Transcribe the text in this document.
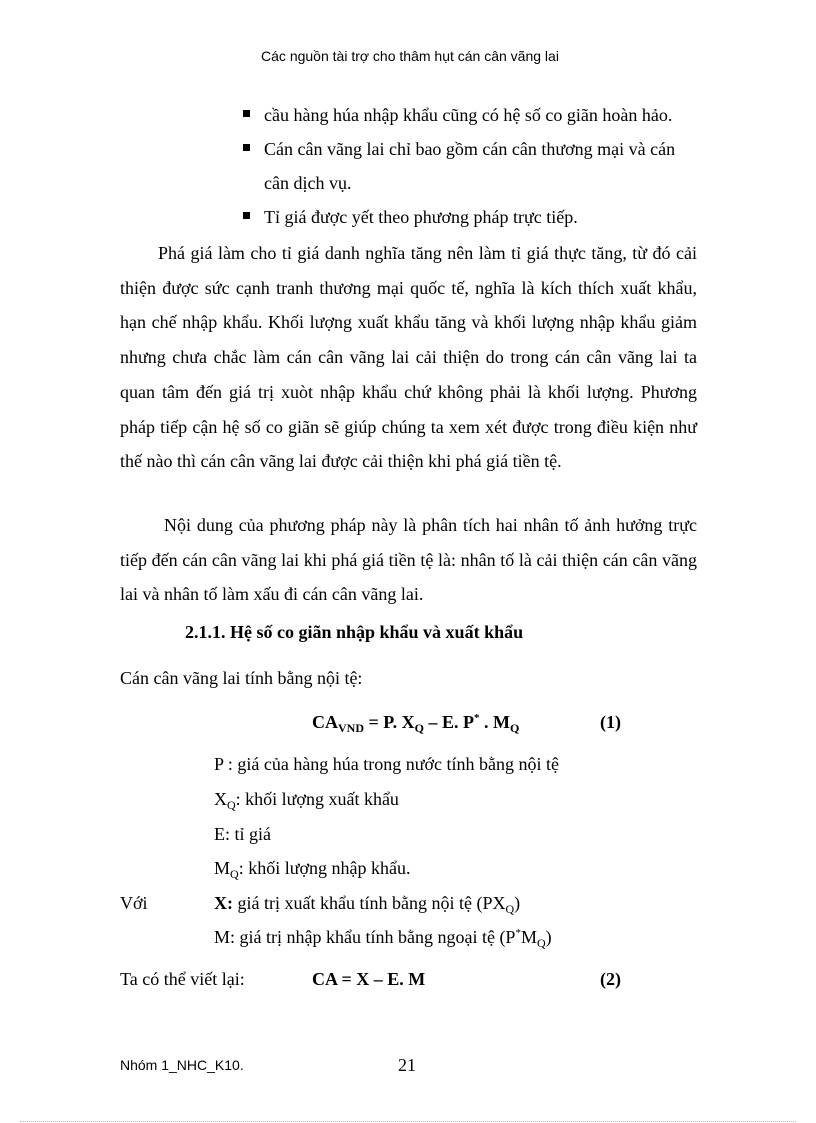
Các nguồn tài trợ cho thâm hụt cán cân vãng lai
cầu hàng húa nhập khẩu cũng có hệ số co giãn hoàn hảo.
Cán cân vãng lai chỉ bao gồm cán cân thương mại và cán cân dịch vụ.
Tỉ giá được yết theo phương pháp trực tiếp.
Phá giá làm cho tỉ giá danh nghĩa tăng nên làm tỉ giá thực tăng, từ đó cải thiện được sức cạnh tranh thương mại quốc tế, nghĩa là kích thích xuất khẩu, hạn chế nhập khẩu. Khối lượng xuất khẩu tăng và khối lượng nhập khẩu giảm nhưng chưa chắc làm cán cân vãng lai cải thiện do trong cán cân vãng lai ta quan tâm đến giá trị xuòt nhập khẩu chứ không phải là khối lượng. Phương pháp tiếp cận hệ số co giãn sẽ giúp chúng ta xem xét được trong điều kiện như thế nào thì cán cân vãng lai được cải thiện khi phá giá tiền tệ.
Nội dung của phương pháp này là phân tích hai nhân tố ảnh hưởng trực tiếp đến cán cân vãng lai khi phá giá tiền tệ là: nhân tố là cải thiện cán cân vãng lai và nhân tố làm xấu đi cán cân vãng lai.
2.1.1. Hệ số co giãn nhập khẩu và xuất khẩu
Cán cân vãng lai tính bằng nội tệ:
$CA_{VND} = P$. $X_Q$ – E. P* . $M_Q$	(1)
P : giá của hàng húa trong nước tính bằng nội tệ
$X_Q$: khối lượng xuất khẩu
E: tỉ giá
$M_Q$: khối lượng nhập khẩu.
Với	X: giá trị xuất khẩu tính bằng nội tệ $(PX_Q)$
M: giá trị nhập khẩu tính bằng ngoại tệ $(P^*M_Q)$
Ta có thể viết lại:	CA = X – E. M	(2)
Nhóm 1_NHC_K10.	21
